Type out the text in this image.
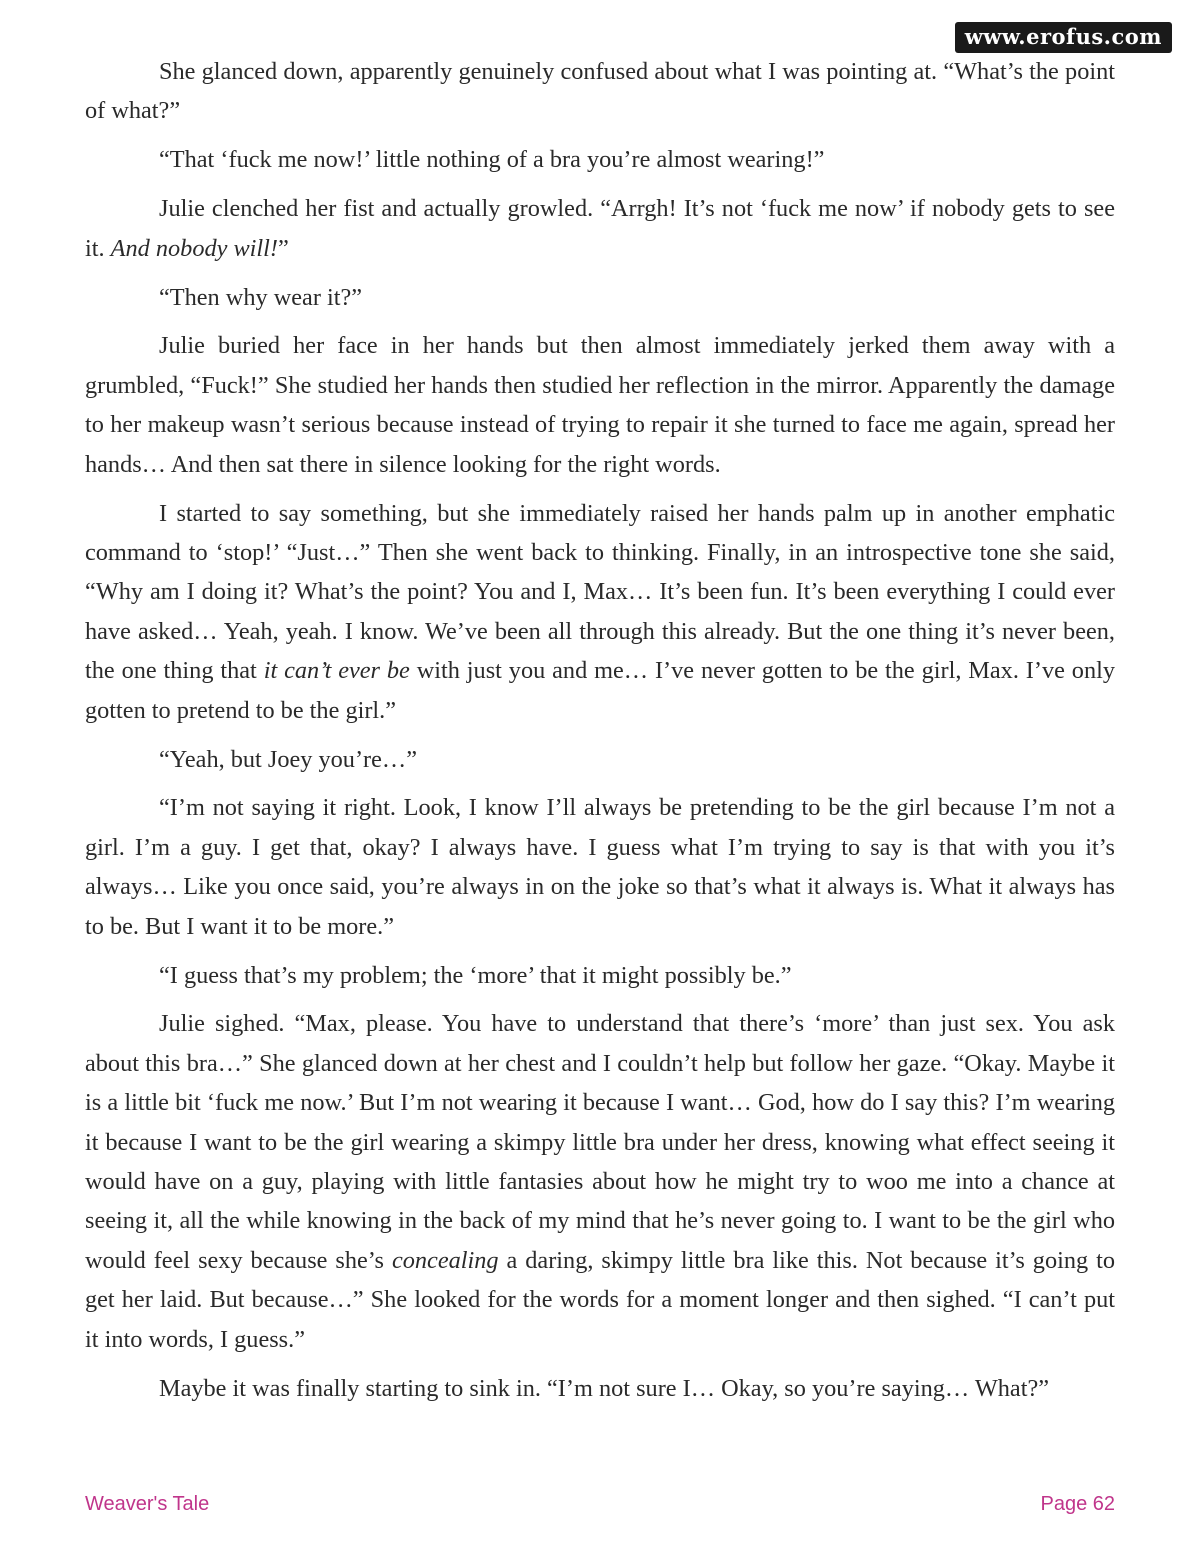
www.erofus.com

She glanced down, apparently genuinely confused about what I was pointing at. “What’s the point of what?”

“That ‘fuck me now!’ little nothing of a bra you’re almost wearing!”

Julie clenched her fist and actually growled. “Arrgh! It’s not ‘fuck me now’ if nobody gets to see it. And nobody will!”

“Then why wear it?”

Julie buried her face in her hands but then almost immediately jerked them away with a grumbled, “Fuck!” She studied her hands then studied her reflection in the mirror. Apparently the damage to her makeup wasn’t serious because instead of trying to repair it she turned to face me again, spread her hands… And then sat there in silence looking for the right words.

I started to say something, but she immediately raised her hands palm up in another emphatic command to ‘stop!’ “Just…” Then she went back to thinking. Finally, in an introspective tone she said, “Why am I doing it? What’s the point? You and I, Max… It’s been fun. It’s been everything I could ever have asked… Yeah, yeah. I know. We’ve been all through this already. But the one thing it’s never been, the one thing that it can’t ever be with just you and me… I’ve never gotten to be the girl, Max. I’ve only gotten to pretend to be the girl.”

“Yeah, but Joey you’re…”

“I’m not saying it right. Look, I know I’ll always be pretending to be the girl because I’m not a girl. I’m a guy. I get that, okay? I always have. I guess what I’m trying to say is that with you it’s always… Like you once said, you’re always in on the joke so that’s what it always is. What it always has to be. But I want it to be more.”

“I guess that’s my problem; the ‘more’ that it might possibly be.”

Julie sighed. “Max, please. You have to understand that there’s ‘more’ than just sex. You ask about this bra…” She glanced down at her chest and I couldn’t help but follow her gaze. “Okay. Maybe it is a little bit ‘fuck me now.’ But I’m not wearing it because I want… God, how do I say this? I’m wearing it because I want to be the girl wearing a skimpy little bra under her dress, knowing what effect seeing it would have on a guy, playing with little fantasies about how he might try to woo me into a chance at seeing it, all the while knowing in the back of my mind that he’s never going to. I want to be the girl who would feel sexy because she’s concealing a daring, skimpy little bra like this. Not because it’s going to get her laid. But because…” She looked for the words for a moment longer and then sighed. “I can’t put it into words, I guess.”

Maybe it was finally starting to sink in. “I’m not sure I… Okay, so you’re saying… What?”

Weaver's Tale	Page 62
